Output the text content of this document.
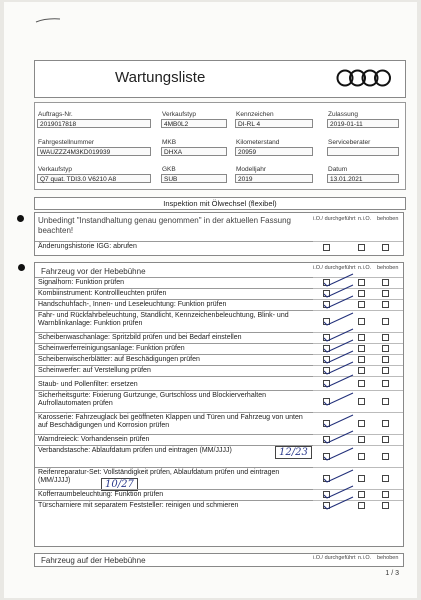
Wartungsliste
Auftrags-Nr.
2019017818
Verkaufstyp
4MB0L2
Kennzeichen
DI-RL 4
Zulassung
2019-01-11
Fahrgestellnummer
WAUZZZ4M3KD019939
MKB
DHXA
Kilometerstand
20959
Serviceberater
Verkaufstyp
Q7 quat. TDI3.0 V6210 A8
GKB
SUB
Modelljahr
2019
Datum
13.01.2021
Inspektion mit Ölwechsel (flexibel)
i.O./ durchgeführt n.i.O. behoben
Unbedingt "Instandhaltung genau genommen" in der aktuellen Fassung beachten!
Änderungshistorie IGG: abrufen
Fahrzeug vor der Hebebühne	i.O./ durchgeführt n.i.O. behoben
Signalhorn: Funktion prüfen
Kombiinstrument: Kontrollleuchten prüfen
Handschuhfach-, Innen- und Leseleuchtung: Funktion prüfen
Fahr- und Rückfahrbeleuchtung, Standlicht, Kennzeichenbeleuchtung, Blink- und Warnblinkanlage: Funktion prüfen
Scheibenwaschanlage: Spritzbild prüfen und bei Bedarf einstellen
Scheinwerferreinigungsanlage: Funktion prüfen
Scheibenwischerblätter: auf Beschädigungen prüfen
Scheinwerfer: auf Verstellung prüfen
Staub- und Pollenfilter: ersetzen
Sicherheitsgurte: Fixierung Gurtzunge, Gurtschloss und Blockierverhalten Aufrollautomaten prüfen
Karosserie: Fahrzeuglack bei geöffneten Klappen und Türen und Fahrzeug von unten auf Beschädigungen und Korrosion prüfen
Warndreieck: Vorhandensein prüfen
Verbandstasche: Ablaufdatum prüfen und eintragen (MM/JJJJ)	12/23
Reifenreparatur-Set: Vollständigkeit prüfen, Ablaufdatum prüfen und eintragen (MM/JJJJ)	10/27
Kofferraumbeleuchtung: Funktion prüfen
Türscharniere mit separatem Feststeller: reinigen und schmieren
Fahrzeug auf der Hebebühne	i.O./ durchgeführt n.i.O. behoben
1 / 3
